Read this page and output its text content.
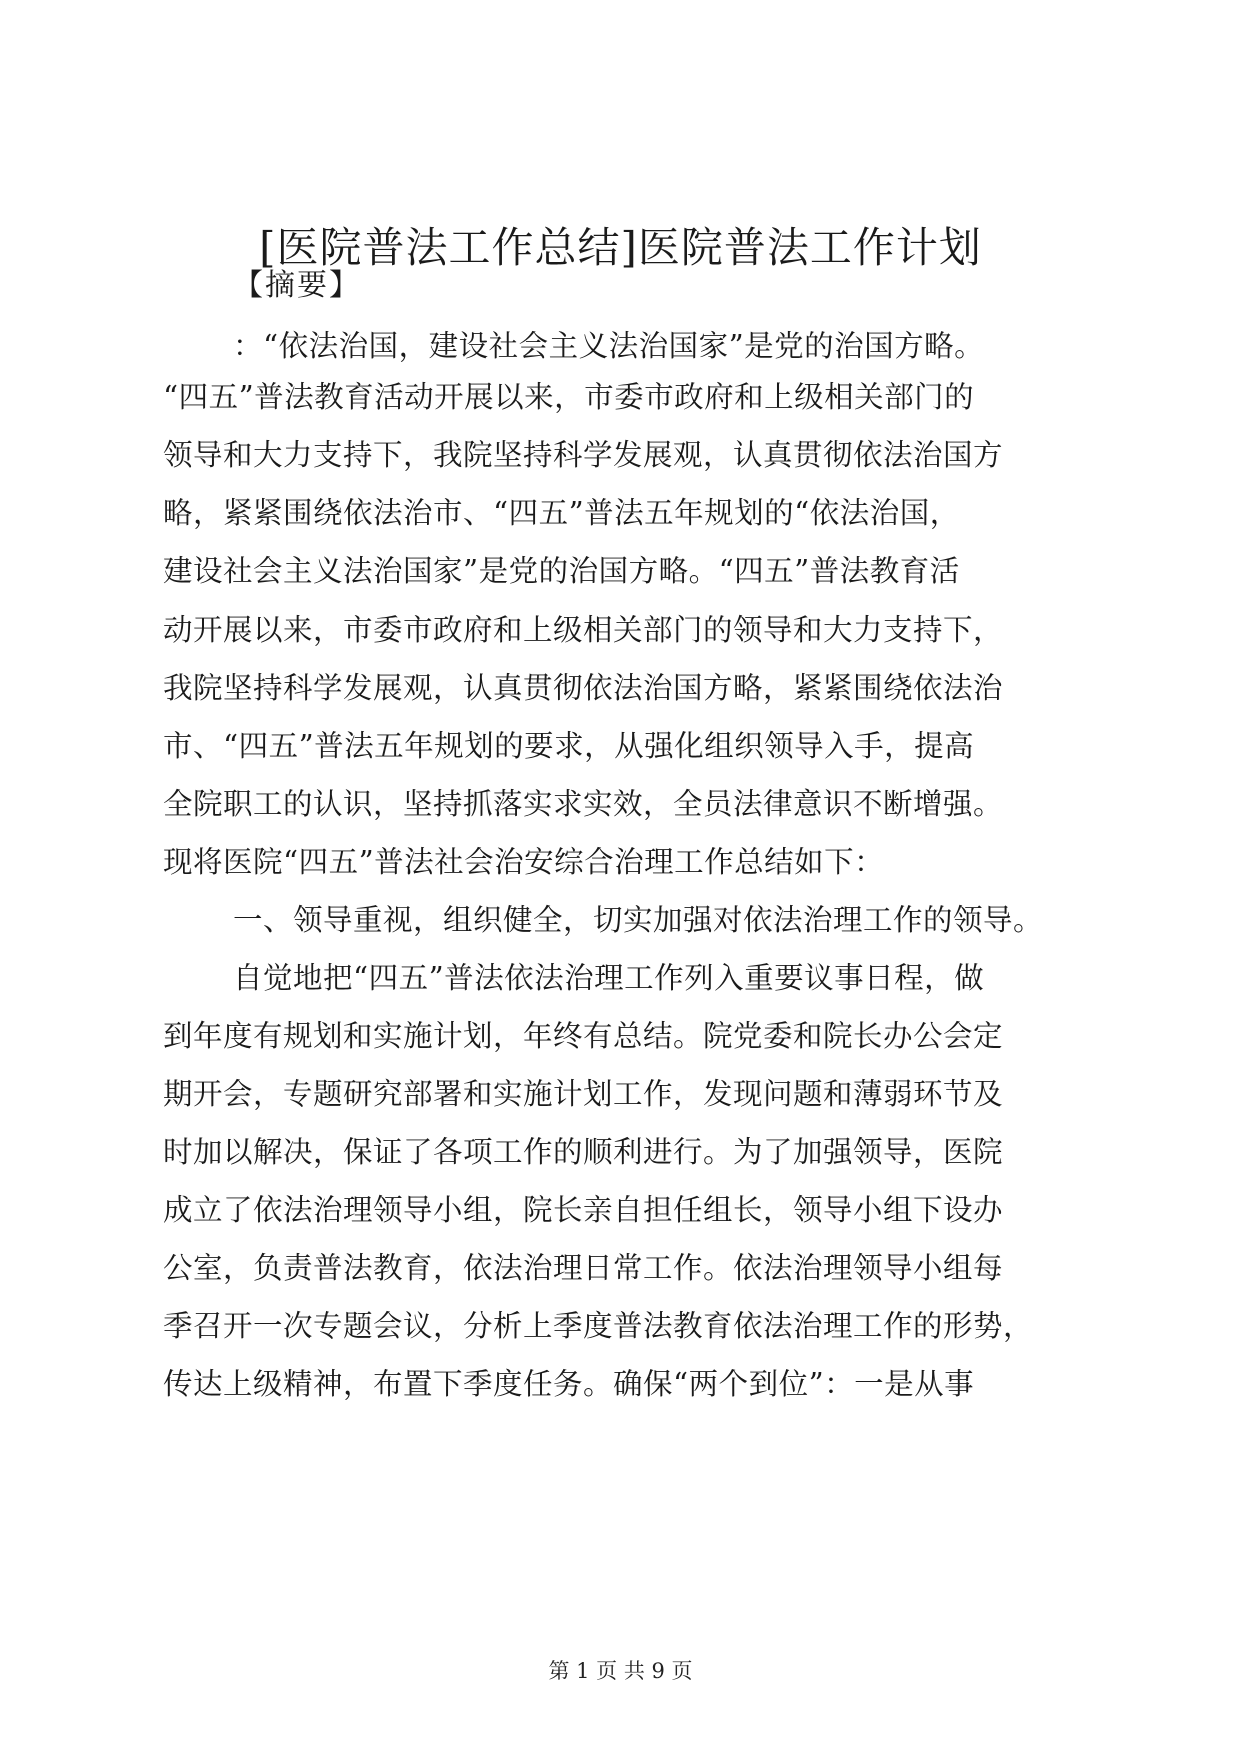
[医院普法工作总结]医院普法工作计划
【摘要】
：“依法治国，建设社会主义法治国家”是党的治国方略。
“四五”普法教育活动开展以来，市委市政府和上级相关部门的
领导和大力支持下，我院坚持科学发展观，认真贯彻依法治国方
略，紧紧围绕依法治市、“四五”普法五年规划的“依法治国，
建设社会主义法治国家”是党的治国方略。“四五”普法教育活
动开展以来，市委市政府和上级相关部门的领导和大力支持下，
我院坚持科学发展观，认真贯彻依法治国方略，紧紧围绕依法治
市、“四五”普法五年规划的要求，从强化组织领导入手，提高
全院职工的认识，坚持抓落实求实效，全员法律意识不断增强。
现将医院“四五”普法社会治安综合治理工作总结如下：
一、领导重视，组织健全，切实加强对依法治理工作的领导。
自觉地把“四五”普法依法治理工作列入重要议事日程，做
到年度有规划和实施计划，年终有总结。院党委和院长办公会定
期开会，专题研究部署和实施计划工作，发现问题和薄弱环节及
时加以解决，保证了各项工作的顺利进行。为了加强领导，医院
成立了依法治理领导小组，院长亲自担任组长，领导小组下设办
公室，负责普法教育，依法治理日常工作。依法治理领导小组每
季召开一次专题会议，分析上季度普法教育依法治理工作的形势，
传达上级精神，布置下季度任务。确保“两个到位”：一是从事
第 1 页 共 9 页
